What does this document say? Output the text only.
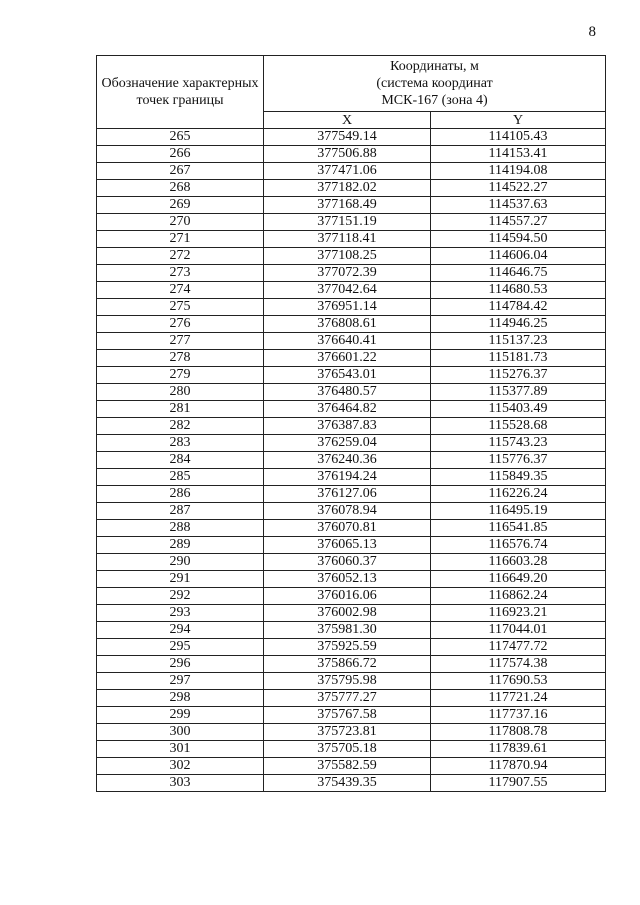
8
Обозначение характерных точек границы	Координаты, м
(система координат
МСК-167 (зона 4)	

	X	Y
265	377549.14	114105.43
266	377506.88	114153.41
267	377471.06	114194.08
268	377182.02	114522.27
269	377168.49	114537.63
270	377151.19	114557.27
271	377118.41	114594.50
272	377108.25	114606.04
273	377072.39	114646.75
274	377042.64	114680.53
275	376951.14	114784.42
276	376808.61	114946.25
277	376640.41	115137.23
278	376601.22	115181.73
279	376543.01	115276.37
280	376480.57	115377.89
281	376464.82	115403.49
282	376387.83	115528.68
283	376259.04	115743.23
284	376240.36	115776.37
285	376194.24	115849.35
286	376127.06	116226.24
287	376078.94	116495.19
288	376070.81	116541.85
289	376065.13	116576.74
290	376060.37	116603.28
291	376052.13	116649.20
292	376016.06	116862.24
293	376002.98	116923.21
294	375981.30	117044.01
295	375925.59	117477.72
296	375866.72	117574.38
297	375795.98	117690.53
298	375777.27	117721.24
299	375767.58	117737.16
300	375723.81	117808.78
301	375705.18	117839.61
302	375582.59	117870.94
303	375439.35	117907.55
